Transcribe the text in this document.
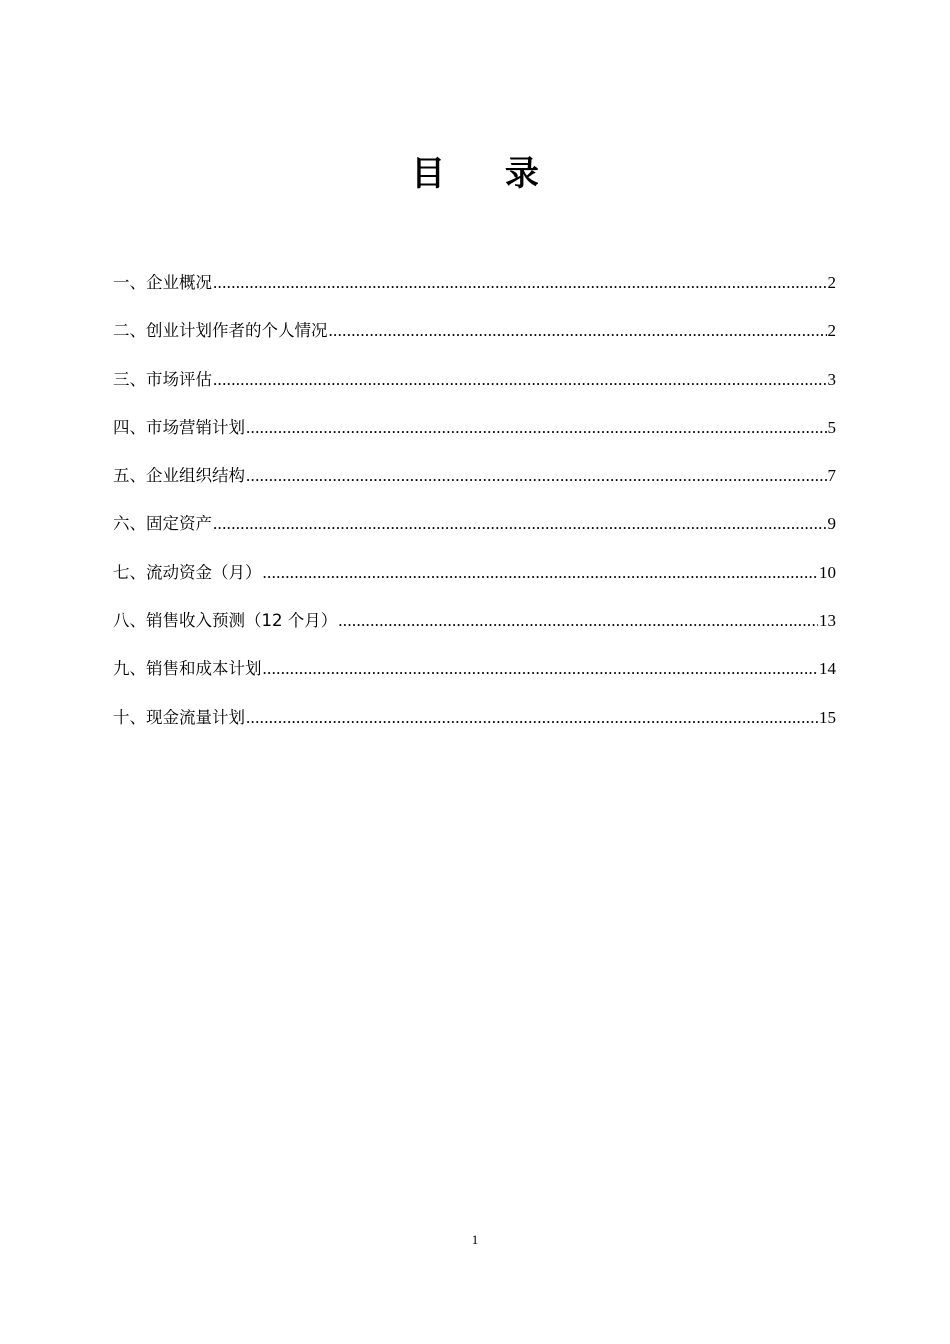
目 录
一、企业概况 .....	2
二、创业计划作者的个人情况 .....	2
三、市场评估 .....	3
四、市场营销计划 .....	5
五、企业组织结构 .....	7
六、固定资产 .....	9
七、流动资金（月） .....	10
八、销售收入预测（12 个月） .....	13
九、销售和成本计划 .....	14
十、现金流量计划 .....	15
1
